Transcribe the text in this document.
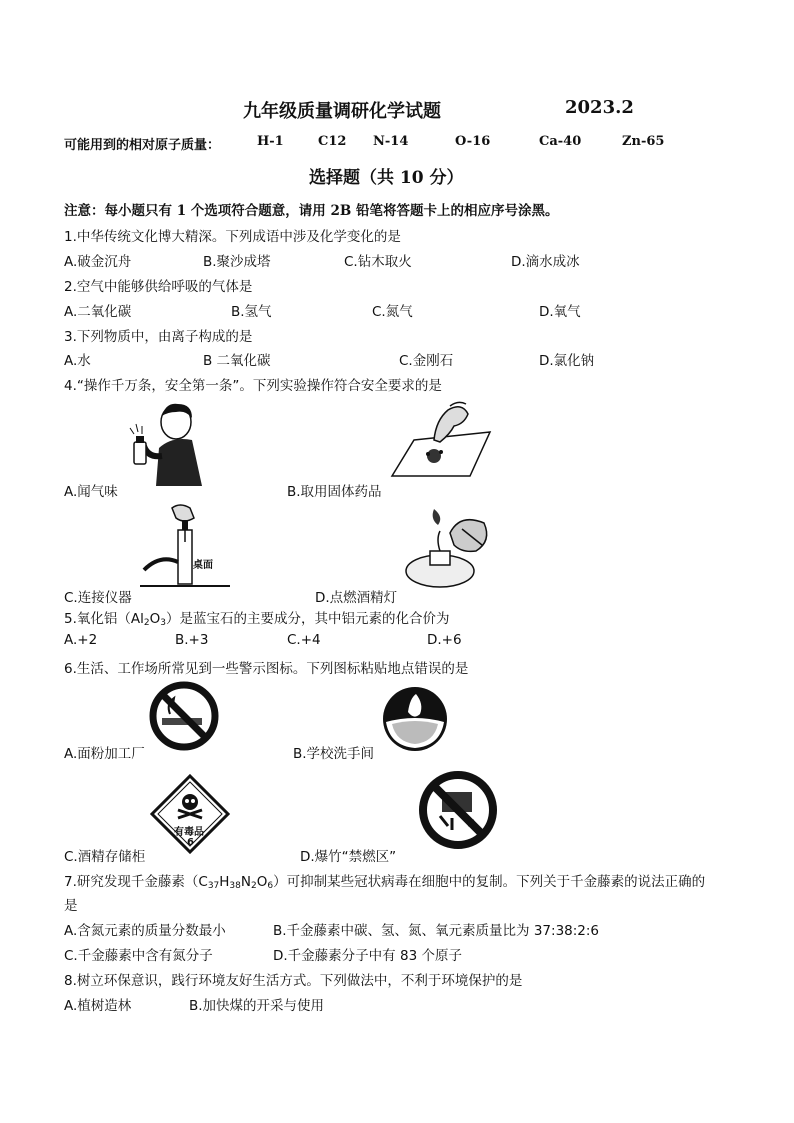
九年级质量调研化学试题	2023.2
可能用到的相对原子质量：	H-1	C12 N-14	O-16	Ca-40	Zn-65
选择题（共 10 分）
注意：每小题只有 1 个选项符合题意，请用 2B 铅笔将答题卡上的相应序号涂黑。
1.中华传统文化博大精深。下列成语中涉及化学变化的是
A.破金沉舟	B.聚沙成塔	C.钻木取火	D.滴水成冰
2.空气中能够供给呼吸的气体是
A.二氧化碳	B.氢气	C.氮气	D.氧气
3.下列物质中，由离子构成的是
A.水	B 二氧化碳	C.金刚石	D.氯化钠
4.“操作千万条，安全第一条”。下列实验操作符合安全要求的是
A.闻气味	B.取用固体药品
桌面
C.连接仪器	D.点燃酒精灯
5.氧化铝$(Al_2O_3)$是蓝宝石的主要成分，其中铝元素的化合价为
A.+2	B.+3	C.+4	D.+6
6.生活、工作场所常见到一些警示图标。下列图标粘贴地点错误的是
A.面粉加工厂	B.学校洗手间
有毒品
6
C.酒精存储柜	D.爆竹“禁燃区”
7.研究发现千金藤素$(C_{37}H_{38}N_2O_6)$可抑制某些冠状病毒在细胞中的复制。下列关于千金藤素的说法正确的
是
A.含氮元素的质量分数最小	B.千金藤素中碳、氢、氮、氧元素质量比为 37:38:2:6
C.千金藤素中含有氮分子	D.千金藤素分子中有 83 个原子
8.树立环保意识，践行环境友好生活方式。下列做法中，不利于环境保护的是
A.植树造林	B.加快煤的开采与使用
